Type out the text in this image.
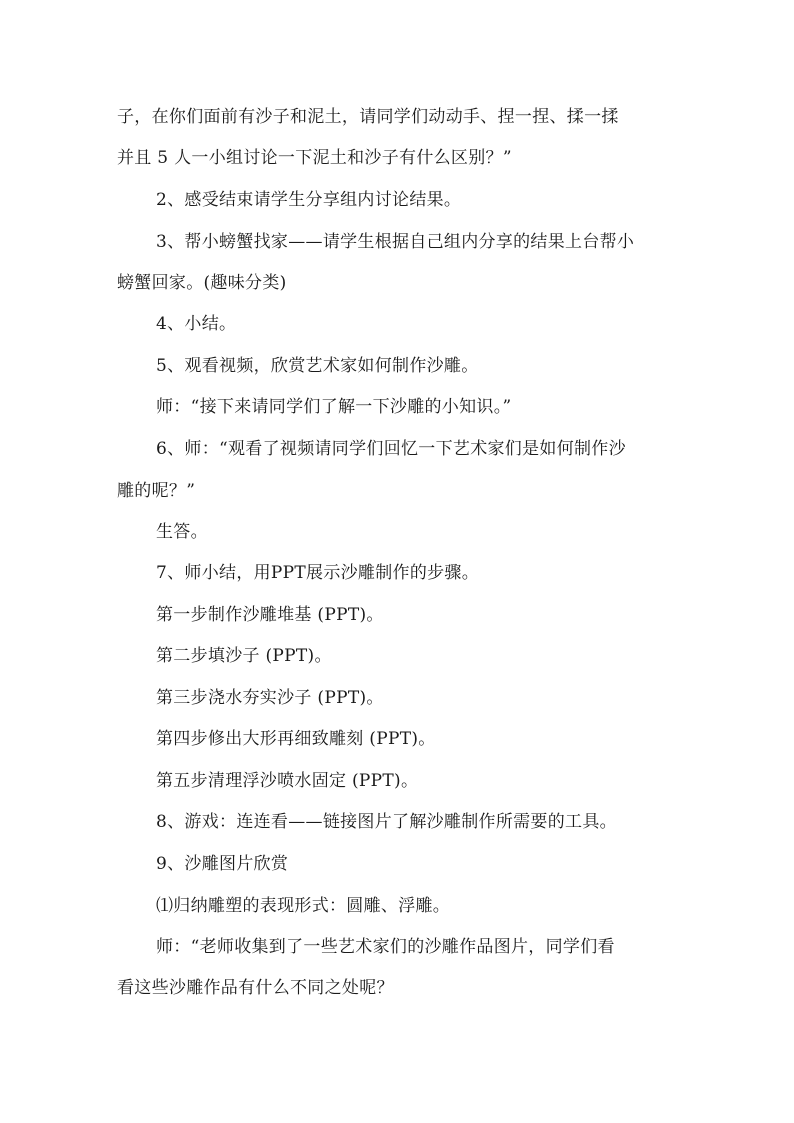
子，在你们面前有沙子和泥土，请同学们动动手、捏一捏、揉一揉
并且 5 人一小组讨论一下泥土和沙子有什么区别？”
2、感受结束请学生分享组内讨论结果。
3、帮小螃蟹找家——请学生根据自己组内分享的结果上台帮小
螃蟹回家。(趣味分类)
4、小结。
5、观看视频，欣赏艺术家如何制作沙雕。
师：“接下来请同学们了解一下沙雕的小知识。”
6、师：“观看了视频请同学们回忆一下艺术家们是如何制作沙
雕的呢？”
生答。
7、师小结，用PPT展示沙雕制作的步骤。
第一步制作沙雕堆基 (PPT)。
第二步填沙子 (PPT)。
第三步浇水夯实沙子 (PPT)。
第四步修出大形再细致雕刻 (PPT)。
第五步清理浮沙喷水固定 (PPT)。
8、游戏：连连看——链接图片了解沙雕制作所需要的工具。
9、沙雕图片欣赏
⑴归纳雕塑的表现形式：圆雕、浮雕。
师：“老师收集到了一些艺术家们的沙雕作品图片，同学们看
看这些沙雕作品有什么不同之处呢？
